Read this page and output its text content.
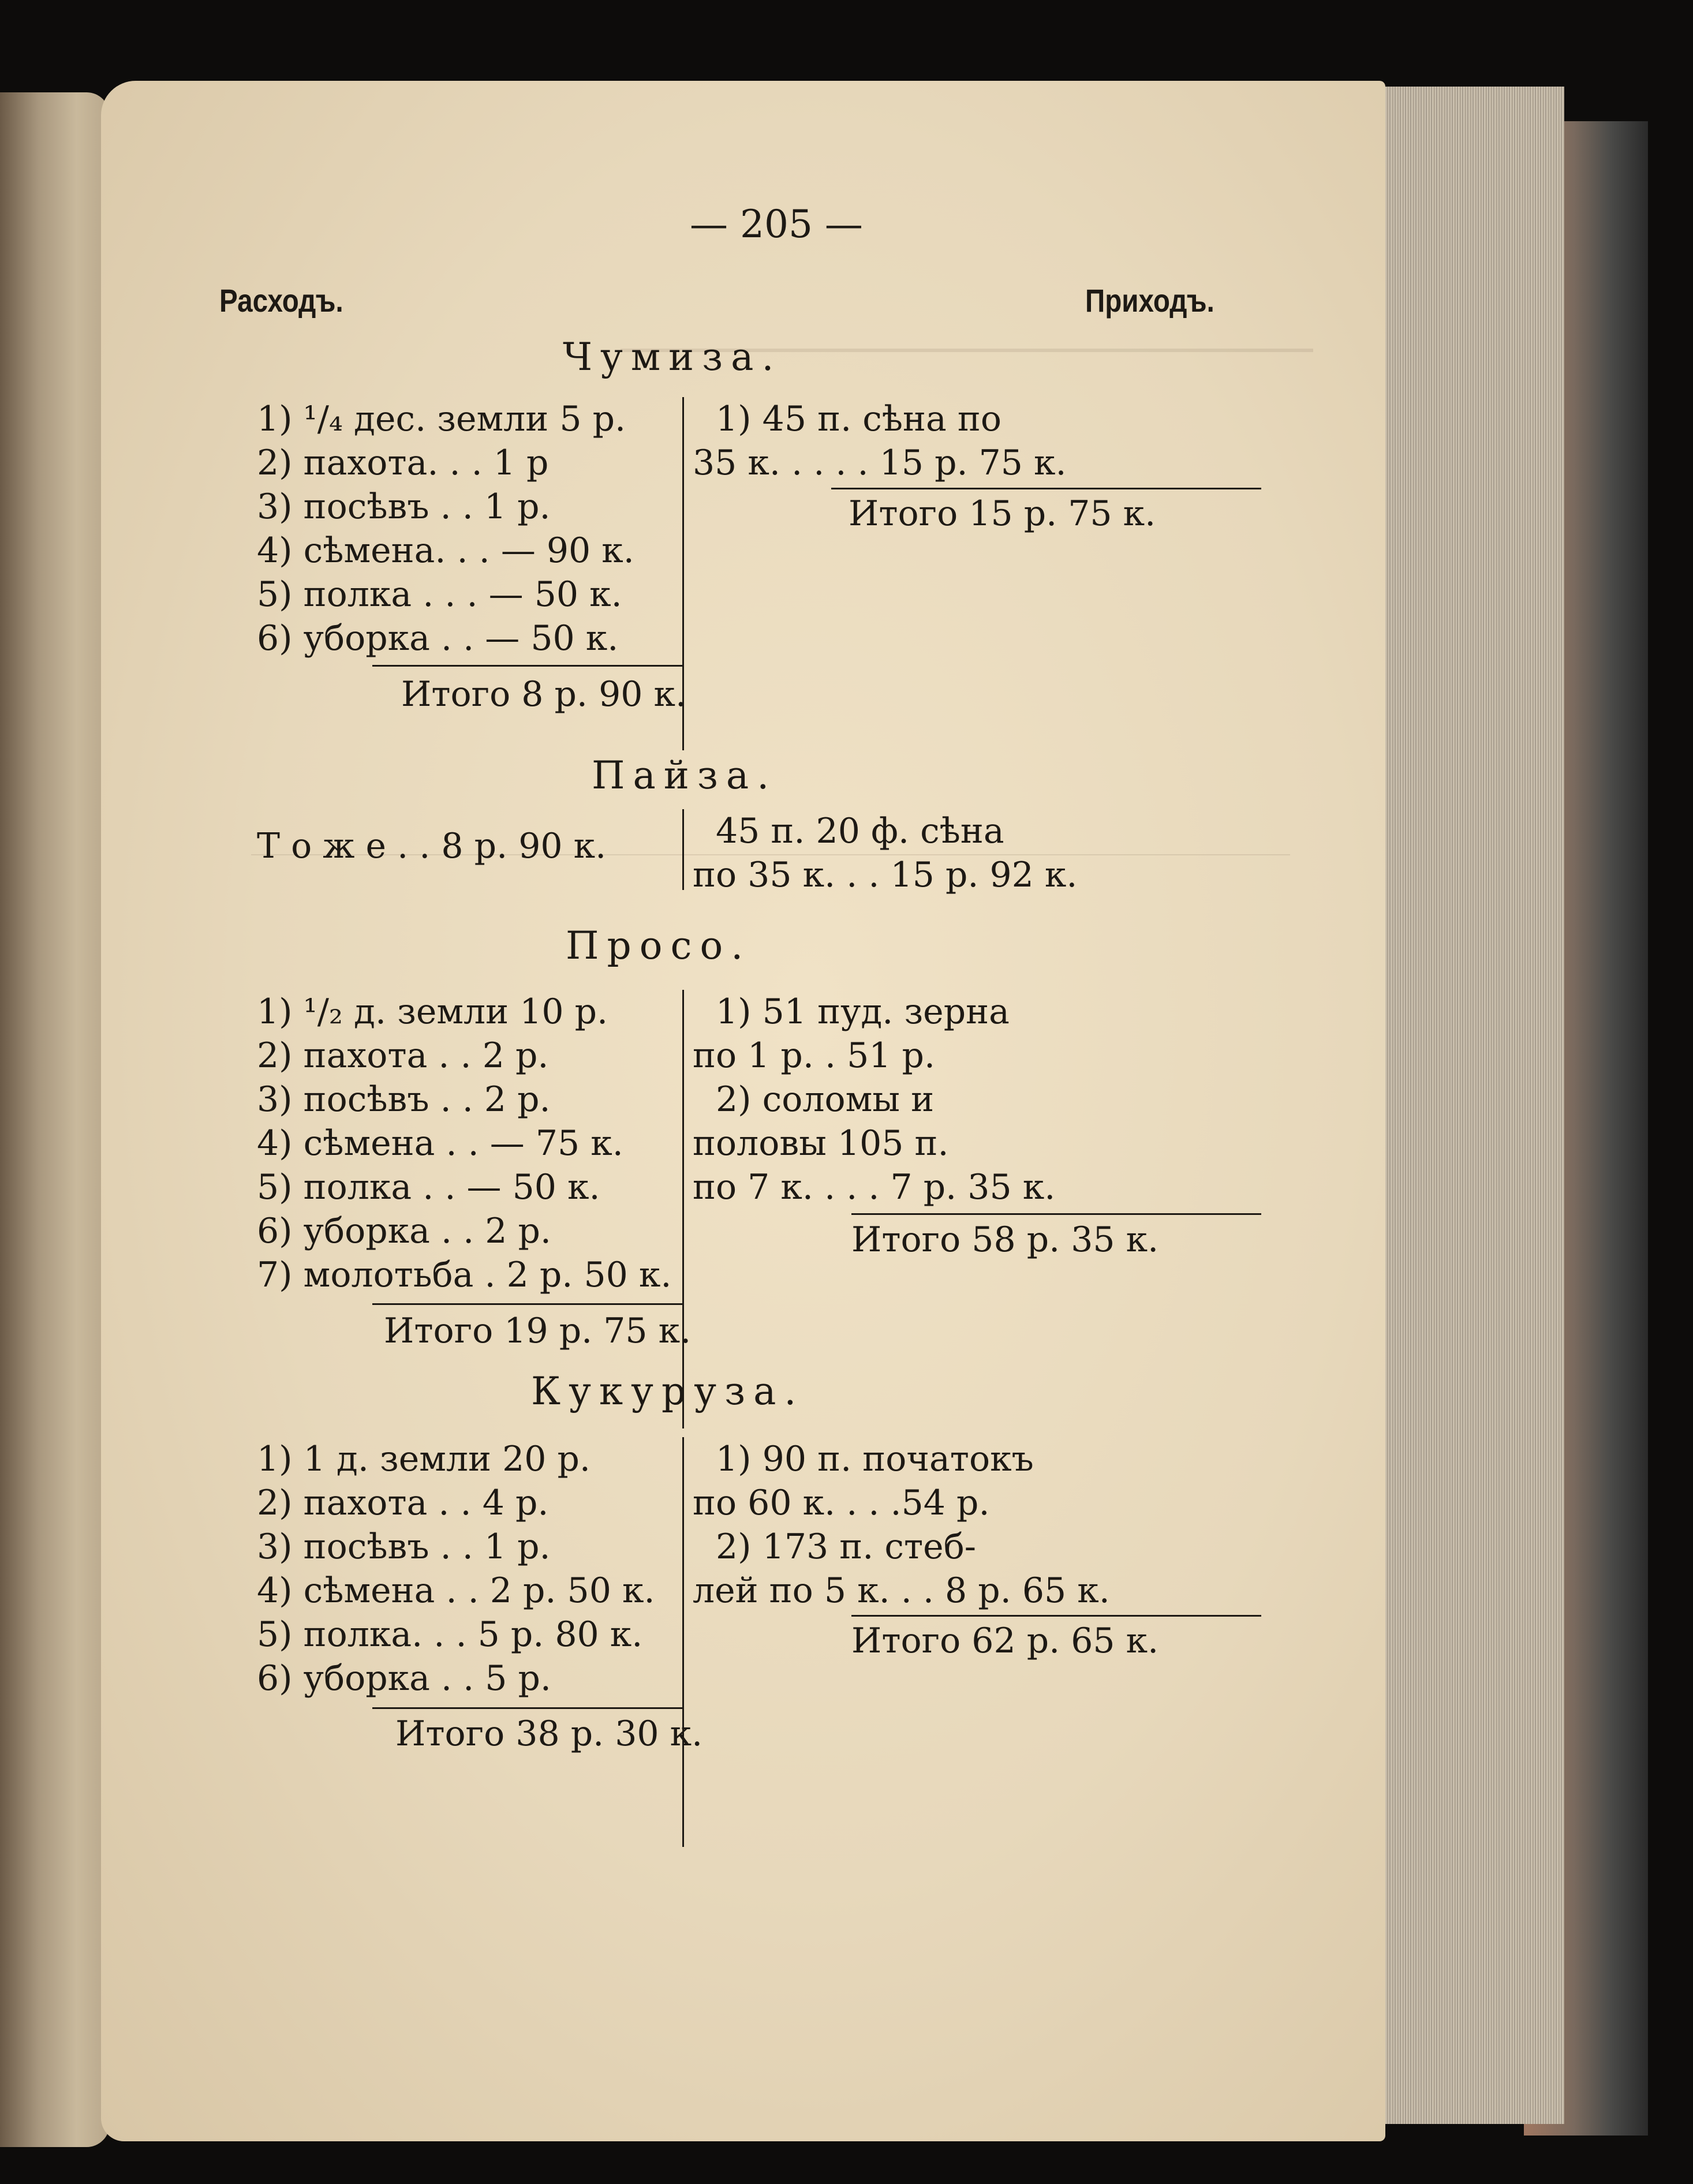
— 205 —
Расходъ.	Приходъ.
Чумиза.
1) ¹/₄ дес. земли 5 р.
2) пахота. . . 1 р
3) посѣвъ . . 1 р.
4) сѣмена. . . — 90 к.
5) полка . . . — 50 к.
6) уборка . . — 50 к.
Итого 8 р. 90 к.
1) 45 п. сѣна по
35 к. . . . . 15 р. 75 к.
Итого 15 р. 75 к.
Пайза.
Т о ж е . . 8 р. 90 к.	45 п. 20 ф. сѣна
по 35 к. . . 15 р. 92 к.
Просо.
1) ¹/₂ д. земли 10 р.
2) пахота . . 2 р.
3) посѣвъ . . 2 р.
4) сѣмена . . — 75 к.
5) полка . . — 50 к.
6) уборка . . 2 р.
7) молотьба . 2 р. 50 к.
Итого 19 р. 75 к.
1) 51 пуд. зерна
по 1 р. . 51 р.
2) соломы и
половы 105 п.
по 7 к. . . . 7 р. 35 к.
Итого 58 р. 35 к.
Кукуруза.
1) 1 д. земли 20 р.
2) пахота . . 4 р.
3) посѣвъ . . 1 р.
4) сѣмена . . 2 р. 50 к.
5) полка. . . 5 р. 80 к.
6) уборка . . 5 р.
Итого 38 р. 30 к.
1) 90 п. початокъ
по 60 к. . . .54 р.
2) 173 п. стеб-
лей по 5 к. . . 8 р. 65 к.
Итого 62 р. 65 к.
